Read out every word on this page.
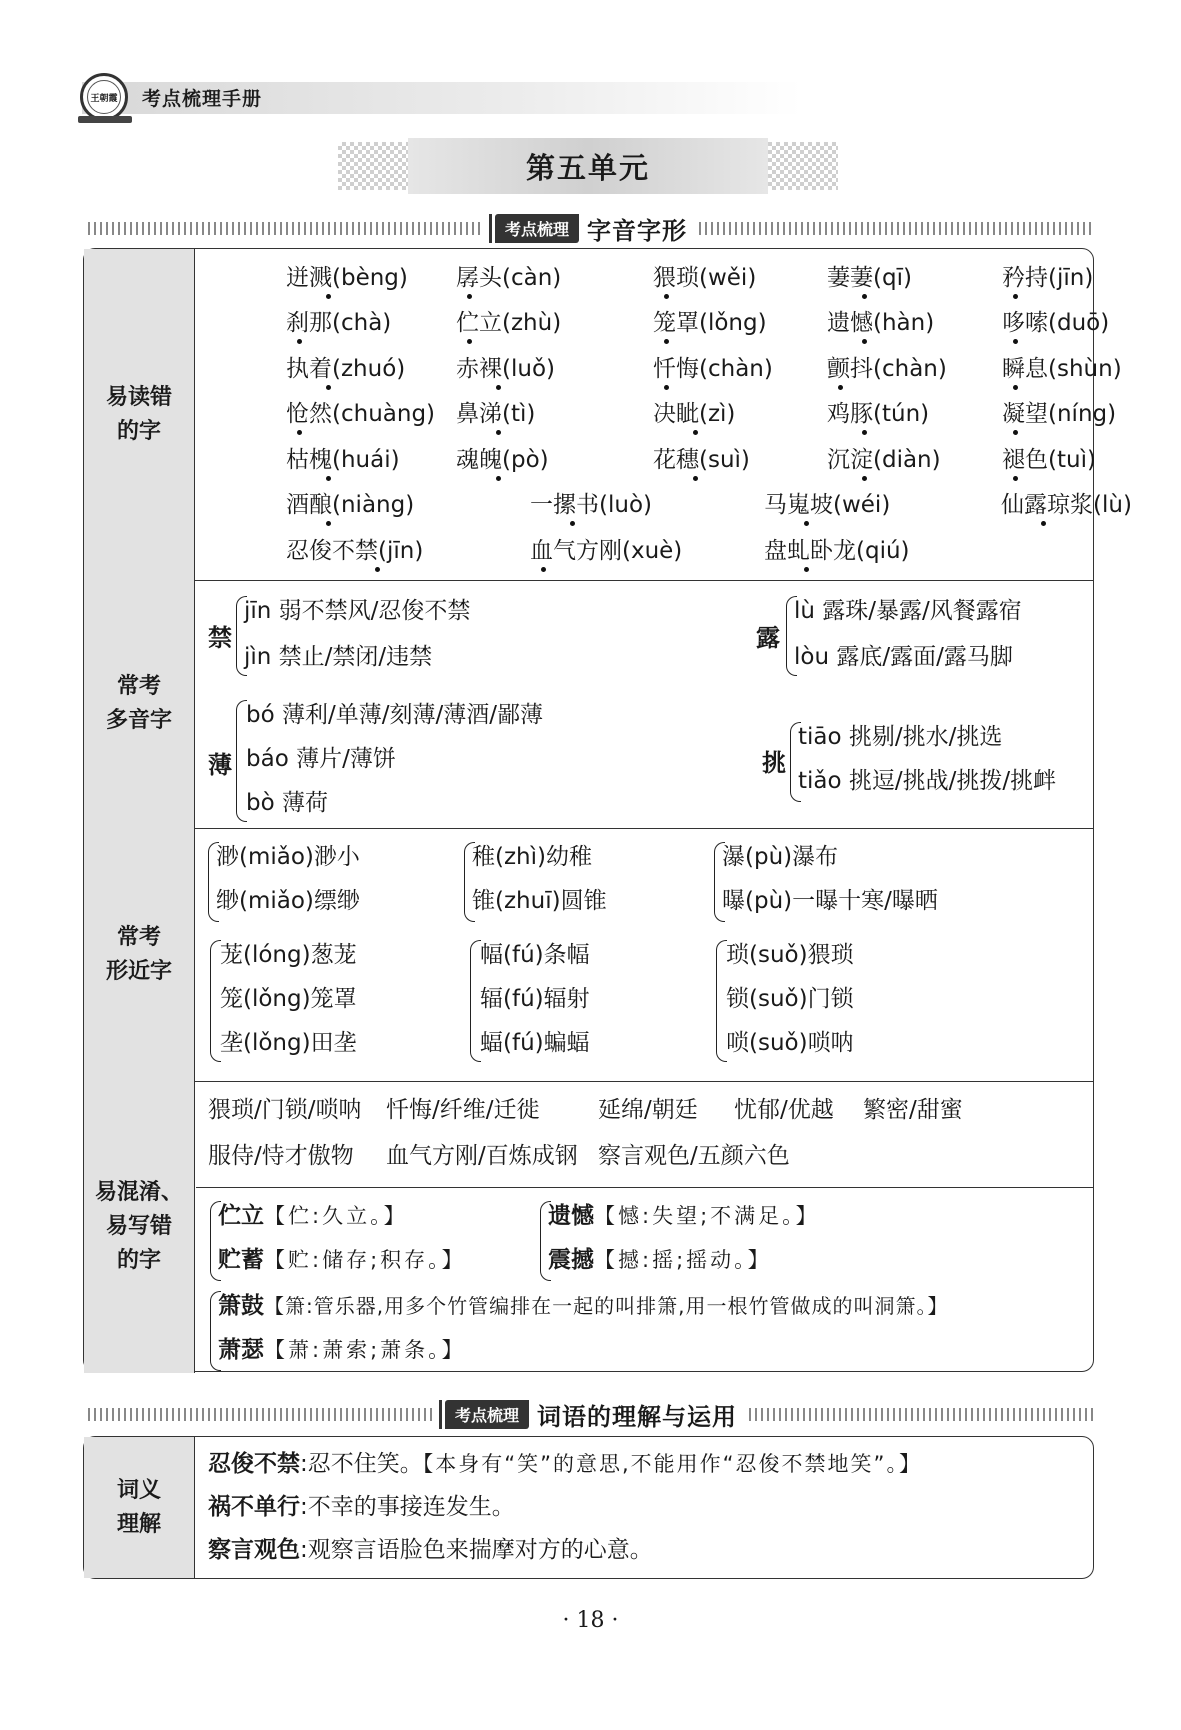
王朝霞 考点梳理手册
第五单元
考点梳理 字音字形
易读错
的字
迸溅(bèng) 孱头(càn)	猥琐(wěi)	萋萋(qī)	矜持(jīn)
刹那(chà)	伫立(zhù)	笼罩(lǒng)	遗憾(hàn)	哆嗦(duō)
执着(zhuó) 赤裸(luǒ)	忏悔(chàn) 颤抖(chàn) 瞬息(shùn)
怆然(chuàng) 鼻涕(tì)	决眦(zì)	鸡豚(tún)	凝望(níng)
枯槐(huái) 魂魄(pò)	花穗(suì)	沉淀(diàn)	褪色(tuì)
酒酿(niàng)	一摞书(luò)	马嵬坡(wéi)	仙露琼浆(lù)
忍俊不禁(jīn)	血气方刚(xuè)	盘虬卧龙(qiú)
常考
多音字
禁
jīn 弱不禁风/忍俊不禁
jìn 禁止/禁闭/违禁
露
lù 露珠/暴露/风餐露宿
lòu 露底/露面/露马脚
薄
bó 薄利/单薄/刻薄/薄酒/鄙薄
báo 薄片/薄饼
bò 薄荷
挑
tiāo 挑剔/挑水/挑选
tiǎo 挑逗/挑战/挑拨/挑衅
常考
形近字
渺(miǎo)渺小
缈(miǎo)缥缈
稚(zhì)幼稚
锥(zhuī)圆锥
瀑(pù)瀑布
曝(pù)一曝十寒/曝晒
茏(lóng)葱茏
笼(lǒng)笼罩
垄(lǒng)田垄
幅(fú)条幅
辐(fú)辐射
蝠(fú)蝙蝠
琐(suǒ)猥琐
锁(suǒ)门锁
唢(suǒ)唢呐
易混淆、
易写错
的字
猥琐/门锁/唢呐 忏悔/纤维/迁徙	延绵/朝廷 忧郁/优越 繁密/甜蜜
服侍/恃才傲物 血气方刚/百炼成钢 察言观色/五颜六色
伫立【伫:久立。】
贮蓄【贮:储存;积存。】
遗憾【憾:失望;不满足。】
震撼【撼:摇;摇动。】
箫鼓【箫:管乐器,用多个竹管编排在一起的叫排箫,用一根竹管做成的叫洞箫。】
萧瑟【萧:萧索;萧条。】
考点梳理 词语的理解与运用
词义
理解
忍俊不禁:忍不住笑。【本身有“笑”的意思,不能用作“忍俊不禁地笑”。】
祸不单行:不幸的事接连发生。
察言观色:观察言语脸色来揣摩对方的心意。
· 18 ·
